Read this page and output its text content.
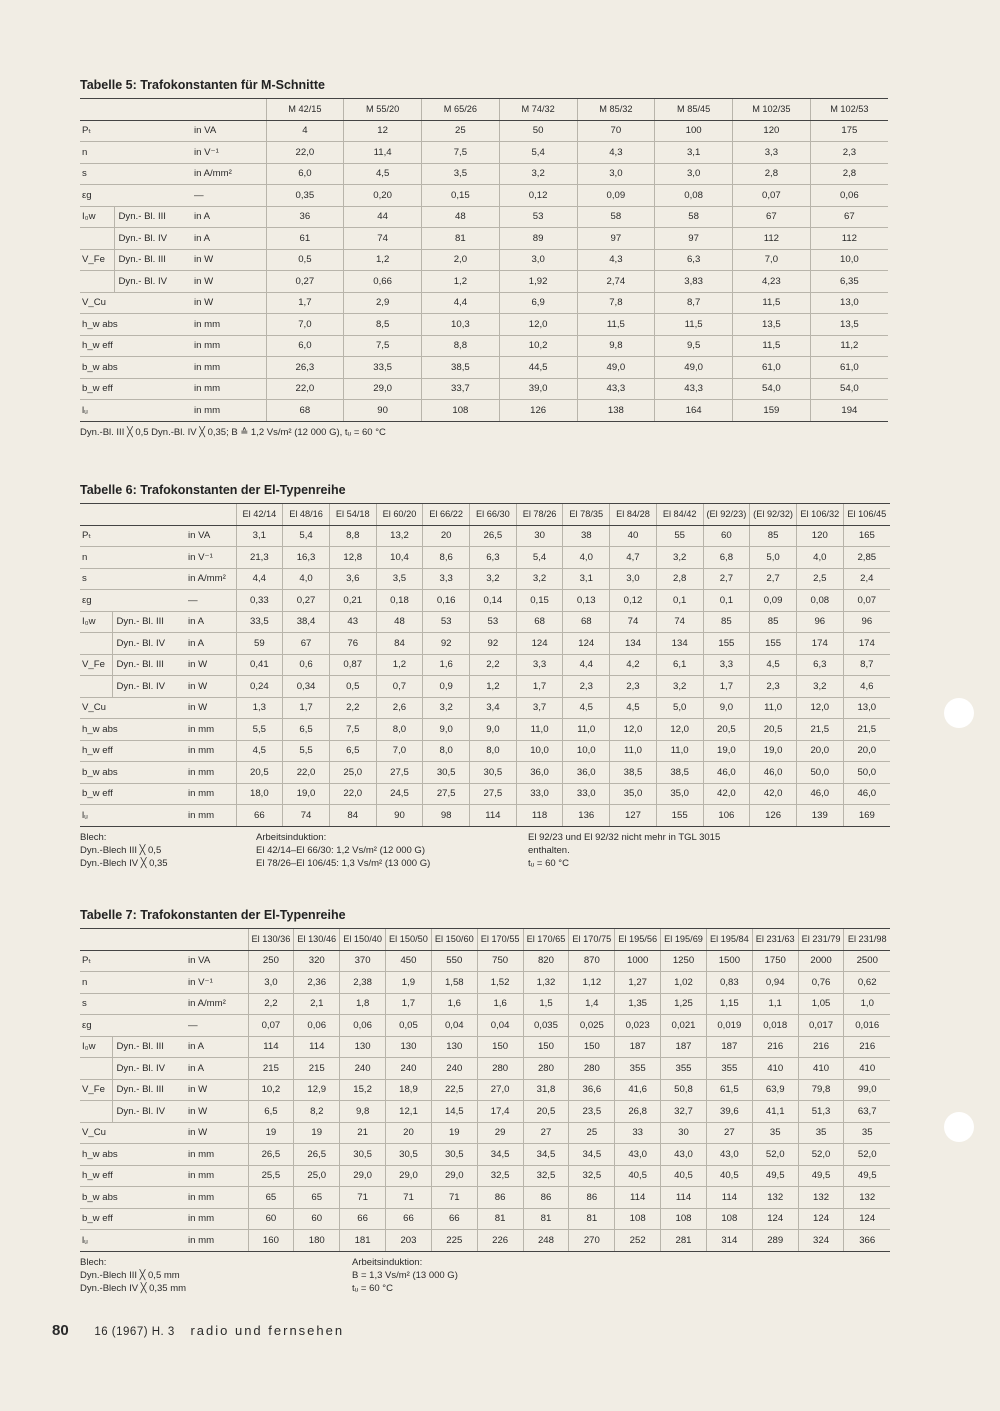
Tabelle 5: Trafokonstanten für M-Schnitte
			M 42/15	M 55/20	M 65/26	M 74/32	M 85/32	M 85/45	M 102/35	M 102/53
Pₜ		in VA	4	12	25	50	70	100	120	175
n		in V⁻¹	22,0	11,4	7,5	5,4	4,3	3,1	3,3	2,3
s		in A/mm²	6,0	4,5	3,5	3,2	3,0	3,0	2,8	2,8
εg		—	0,35	0,20	0,15	0,12	0,09	0,08	0,07	0,06
I₀w	Dyn.- Bl. III	in A	36	44	48	53	58	58	67	67
	Dyn.- Bl. IV	in A	61	74	81	89	97	97	112	112
V_Fe	Dyn.- Bl. III	in W	0,5	1,2	2,0	3,0	4,3	6,3	7,0	10,0
	Dyn.- Bl. IV	in W	0,27	0,66	1,2	1,92	2,74	3,83	4,23	6,35
V_Cu		in W	1,7	2,9	4,4	6,9	7,8	8,7	11,5	13,0
h_w abs		in mm	7,0	8,5	10,3	12,0	11,5	11,5	13,5	13,5
h_w eff		in mm	6,0	7,5	8,8	10,2	9,8	9,5	11,5	11,2
b_w abs		in mm	26,3	33,5	38,5	44,5	49,0	49,0	61,0	61,0
b_w eff		in mm	22,0	29,0	33,7	39,0	43,3	43,3	54,0	54,0
lᵤ		in mm	68	90	108	126	138	164	159	194
Dyn.-Bl. III ╳ 0,5 Dyn.-Bl. IV ╳ 0,35; B ≙ 1,2 Vs/m² (12 000 G), tᵤ = 60 °C
Tabelle 6: Trafokonstanten der El-Typenreihe
			El 42/14	El 48/16	El 54/18	El 60/20	El 66/22	El 66/30	El 78/26	El 78/35	El 84/28	El 84/42	(El 92/23)	(El 92/32)	El 106/32	El 106/45
Pₜ		in VA	3,1	5,4	8,8	13,2	20	26,5	30	38	40	55	60	85	120	165
n		in V⁻¹	21,3	16,3	12,8	10,4	8,6	6,3	5,4	4,0	4,7	3,2	6,8	5,0	4,0	2,85
s		in A/mm²	4,4	4,0	3,6	3,5	3,3	3,2	3,2	3,1	3,0	2,8	2,7	2,7	2,5	2,4
εg		—	0,33	0,27	0,21	0,18	0,16	0,14	0,15	0,13	0,12	0,1	0,1	0,09	0,08	0,07
I₀w	Dyn.- Bl. III	in A	33,5	38,4	43	48	53	53	68	68	74	74	85	85	96	96
	Dyn.- Bl. IV	in A	59	67	76	84	92	92	124	124	134	134	155	155	174	174
V_Fe	Dyn.- Bl. III	in W	0,41	0,6	0,87	1,2	1,6	2,2	3,3	4,4	4,2	6,1	3,3	4,5	6,3	8,7
	Dyn.- Bl. IV	in W	0,24	0,34	0,5	0,7	0,9	1,2	1,7	2,3	2,3	3,2	1,7	2,3	3,2	4,6
V_Cu		in W	1,3	1,7	2,2	2,6	3,2	3,4	3,7	4,5	4,5	5,0	9,0	11,0	12,0	13,0
h_w abs		in mm	5,5	6,5	7,5	8,0	9,0	9,0	11,0	11,0	12,0	12,0	20,5	20,5	21,5	21,5
h_w eff		in mm	4,5	5,5	6,5	7,0	8,0	8,0	10,0	10,0	11,0	11,0	19,0	19,0	20,0	20,0
b_w abs		in mm	20,5	22,0	25,0	27,5	30,5	30,5	36,0	36,0	38,5	38,5	46,0	46,0	50,0	50,0
b_w eff		in mm	18,0	19,0	22,0	24,5	27,5	27,5	33,0	33,0	35,0	35,0	42,0	42,0	46,0	46,0
lᵤ		in mm	66	74	84	90	98	114	118	136	127	155	106	126	139	169
Blech:
Dyn.-Blech III ╳ 0,5
Dyn.-Blech IV ╳ 0,35
Arbeitsinduktion:
El 42/14–El 66/30: 1,2 Vs/m² (12 000 G)
El 78/26–El 106/45: 1,3 Vs/m² (13 000 G)
El 92/23 und El 92/32 nicht mehr in TGL 3015
enthalten.
tᵤ = 60 °C
Tabelle 7: Trafokonstanten der El-Typenreihe
			El 130/36	El 130/46	El 150/40	El 150/50	El 150/60	El 170/55	El 170/65	El 170/75	El 195/56	El 195/69	El 195/84	El 231/63	El 231/79	El 231/98
Pₜ		in VA	250	320	370	450	550	750	820	870	1000	1250	1500	1750	2000	2500
n		in V⁻¹	3,0	2,36	2,38	1,9	1,58	1,52	1,32	1,12	1,27	1,02	0,83	0,94	0,76	0,62
s		in A/mm²	2,2	2,1	1,8	1,7	1,6	1,6	1,5	1,4	1,35	1,25	1,15	1,1	1,05	1,0
εg		—	0,07	0,06	0,06	0,05	0,04	0,04	0,035	0,025	0,023	0,021	0,019	0,018	0,017	0,016
I₀w	Dyn.- Bl. III	in A	114	114	130	130	130	150	150	150	187	187	187	216	216	216
	Dyn.- Bl. IV	in A	215	215	240	240	240	280	280	280	355	355	355	410	410	410
V_Fe	Dyn.- Bl. III	in W	10,2	12,9	15,2	18,9	22,5	27,0	31,8	36,6	41,6	50,8	61,5	63,9	79,8	99,0
	Dyn.- Bl. IV	in W	6,5	8,2	9,8	12,1	14,5	17,4	20,5	23,5	26,8	32,7	39,6	41,1	51,3	63,7
V_Cu		in W	19	19	21	20	19	29	27	25	33	30	27	35	35	35
h_w abs		in mm	26,5	26,5	30,5	30,5	30,5	34,5	34,5	34,5	43,0	43,0	43,0	52,0	52,0	52,0
h_w eff		in mm	25,5	25,0	29,0	29,0	29,0	32,5	32,5	32,5	40,5	40,5	40,5	49,5	49,5	49,5
b_w abs		in mm	65	65	71	71	71	86	86	86	114	114	114	132	132	132
b_w eff		in mm	60	60	66	66	66	81	81	81	108	108	108	124	124	124
lᵤ		in mm	160	180	181	203	225	226	248	270	252	281	314	289	324	366
Blech:
Dyn.-Blech III ╳ 0,5 mm
Dyn.-Blech IV ╳ 0,35 mm
Arbeitsinduktion:
B = 1,3 Vs/m² (13 000 G)
tᵤ = 60 °C
80 16 (1967) H. 3 radio und fernsehen
